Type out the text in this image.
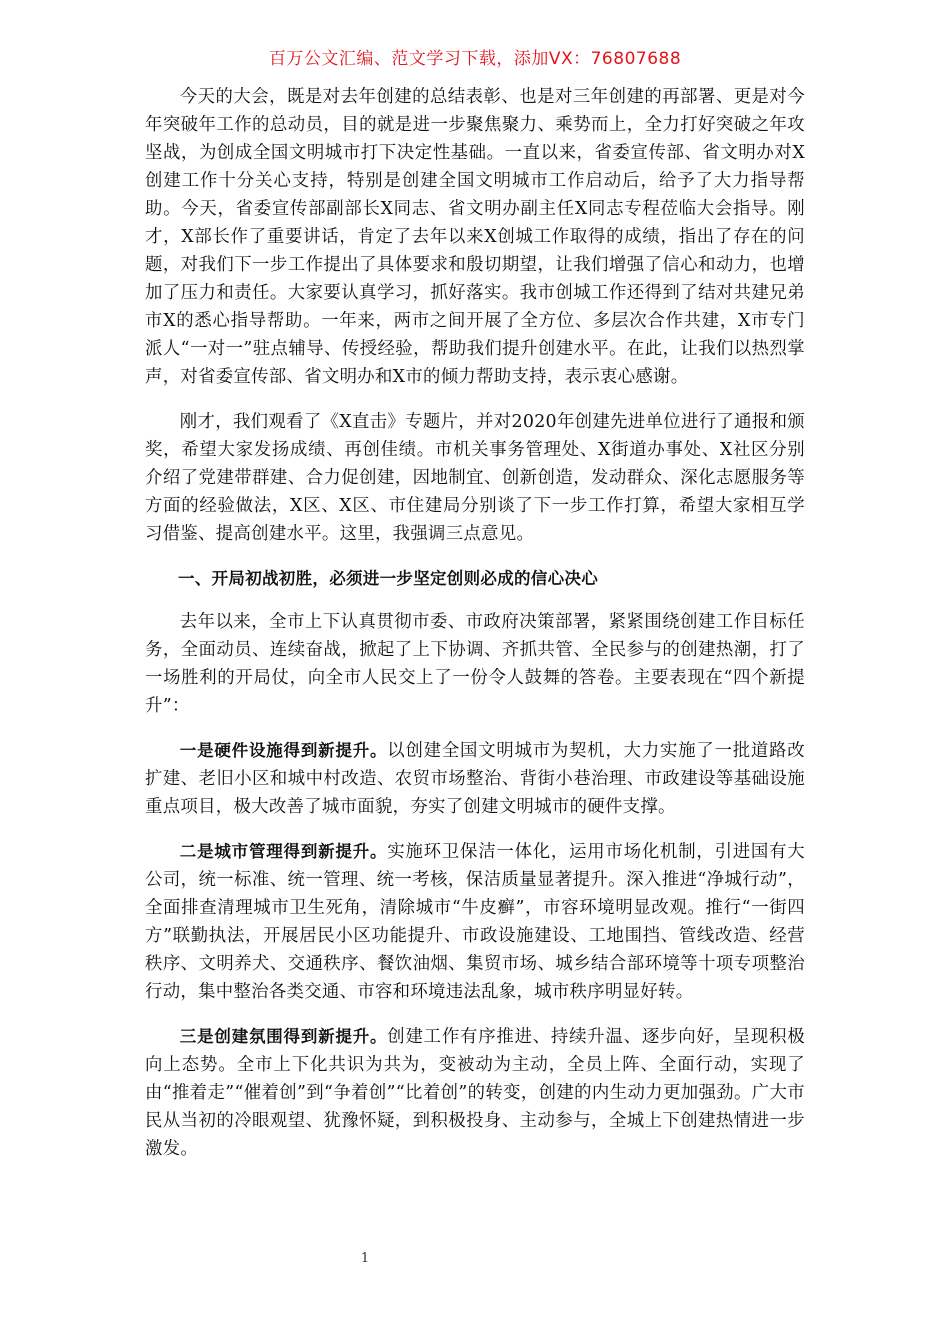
百万公文汇编、范文学习下载，添加VX：76807688

今天的大会，既是对去年创建的总结表彰、也是对三年创建的再部署、更是对今年突破年工作的总动员，目的就是进一步聚焦聚力、乘势而上，全力打好突破之年攻坚战，为创成全国文明城市打下决定性基础。一直以来，省委宣传部、省文明办对X创建工作十分关心支持，特别是创建全国文明城市工作启动后，给予了大力指导帮助。今天，省委宣传部副部长X同志、省文明办副主任X同志专程莅临大会指导。刚才，X部长作了重要讲话，肯定了去年以来X创城工作取得的成绩，指出了存在的问题，对我们下一步工作提出了具体要求和殷切期望，让我们增强了信心和动力，也增加了压力和责任。大家要认真学习，抓好落实。我市创城工作还得到了结对共建兄弟市X的悉心指导帮助。一年来，两市之间开展了全方位、多层次合作共建，X市专门派人“一对一”驻点辅导、传授经验，帮助我们提升创建水平。在此，让我们以热烈掌声，对省委宣传部、省文明办和X市的倾力帮助支持，表示衷心感谢。

刚才，我们观看了《X直击》专题片，并对2020年创建先进单位进行了通报和颁奖，希望大家发扬成绩、再创佳绩。市机关事务管理处、X街道办事处、X社区分别介绍了党建带群建、合力促创建，因地制宜、创新创造，发动群众、深化志愿服务等方面的经验做法，X区、X区、市住建局分别谈了下一步工作打算，希望大家相互学习借鉴、提高创建水平。这里，我强调三点意见。

一、开局初战初胜，必须进一步坚定创则必成的信心决心

去年以来，全市上下认真贯彻市委、市政府决策部署，紧紧围绕创建工作目标任务，全面动员、连续奋战，掀起了上下协调、齐抓共管、全民参与的创建热潮，打了一场胜利的开局仗，向全市人民交上了一份令人鼓舞的答卷。主要表现在“四个新提升”：

一是硬件设施得到新提升。以创建全国文明城市为契机，大力实施了一批道路改扩建、老旧小区和城中村改造、农贸市场整治、背街小巷治理、市政建设等基础设施重点项目，极大改善了城市面貌，夯实了创建文明城市的硬件支撑。

二是城市管理得到新提升。实施环卫保洁一体化，运用市场化机制，引进国有大公司，统一标准、统一管理、统一考核，保洁质量显著提升。深入推进“净城行动”，全面排查清理城市卫生死角，清除城市“牛皮癣”，市容环境明显改观。推行“一街四方”联勤执法，开展居民小区功能提升、市政设施建设、工地围挡、管线改造、经营秩序、文明养犬、交通秩序、餐饮油烟、集贸市场、城乡结合部环境等十项专项整治行动，集中整治各类交通、市容和环境违法乱象，城市秩序明显好转。

三是创建氛围得到新提升。创建工作有序推进、持续升温、逐步向好，呈现积极向上态势。全市上下化共识为共为，变被动为主动，全员上阵、全面行动，实现了由“推着走”“催着创”到“争着创”“比着创”的转变，创建的内生动力更加强劲。广大市民从当初的冷眼观望、犹豫怀疑，到积极投身、主动参与，全城上下创建热情进一步激发。

1
